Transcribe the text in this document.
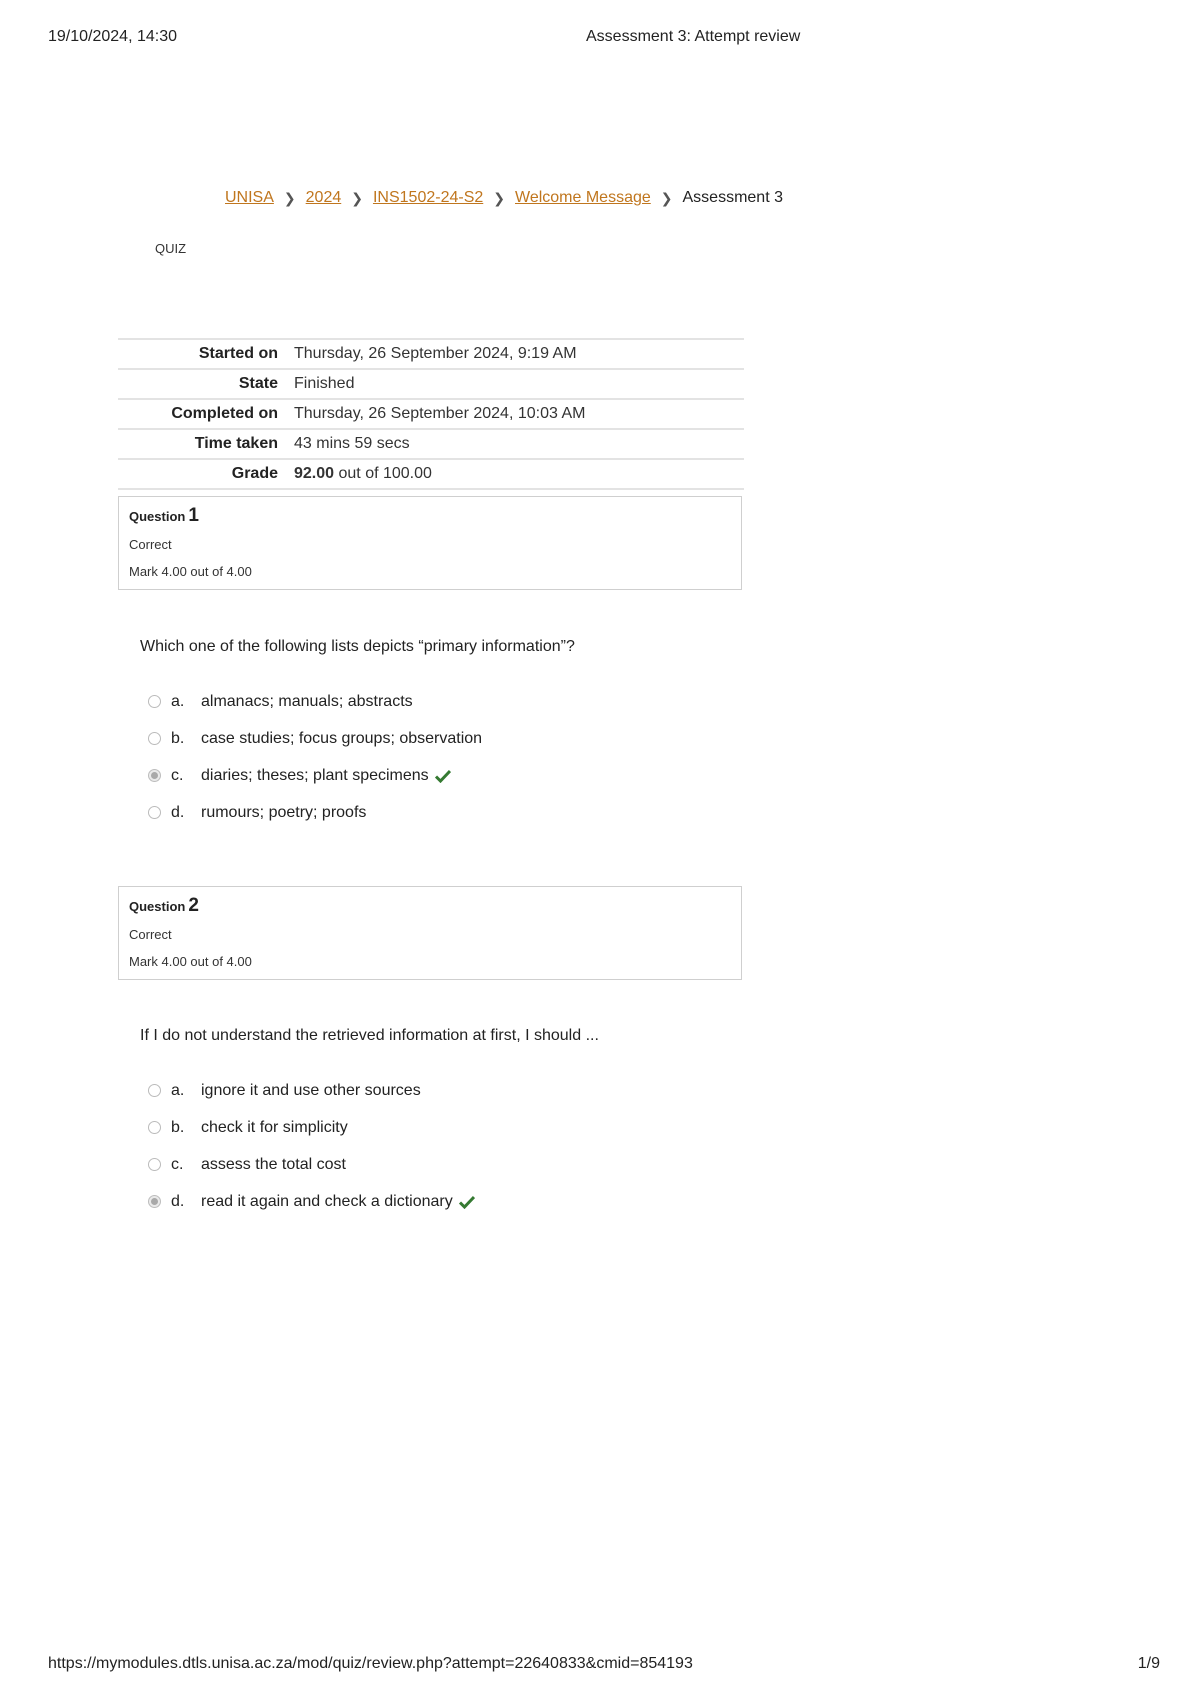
19/10/2024, 14:30	Assessment 3: Attempt review
UNISA ❯ 2024 ❯ INS1502-24-S2 ❯ Welcome Message ❯ Assessment 3
QUIZ
Started on	Thursday, 26 September 2024, 9:19 AM
State	Finished
Completed on	Thursday, 26 September 2024, 10:03 AM
Time taken	43 mins 59 secs
Grade	92.00 out of 100.00
Question 1
Correct
Mark 4.00 out of 4.00
Which one of the following lists depicts “primary information”?
a.	almanacs; manuals; abstracts
b.	case studies; focus groups; observation
c.	diaries; theses; plant specimens
d.	rumours; poetry; proofs
Question 2
Correct
Mark 4.00 out of 4.00
If I do not understand the retrieved information at first, I should ...
a.	ignore it and use other sources
b.	check it for simplicity
c.	assess the total cost
d.	read it again and check a dictionary
https://mymodules.dtls.unisa.ac.za/mod/quiz/review.php?attempt=22640833&cmid=854193	1/9
